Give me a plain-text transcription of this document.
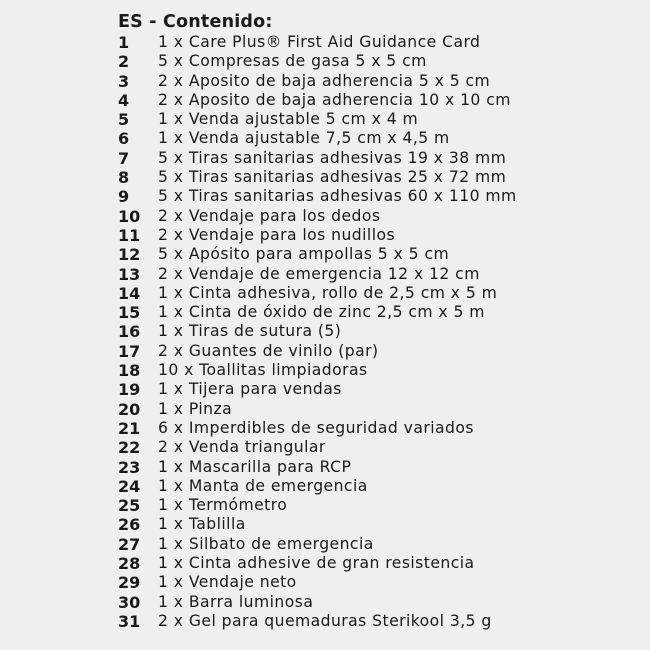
ES - Contenido:
1	1 x Care Plus® First Aid Guidance Card
2	5 x Compresas de gasa 5 x 5 cm
3	2 x Aposito de baja adherencia 5 x 5 cm
4	2 x Aposito de baja adherencia 10 x 10 cm
5	1 x Venda ajustable 5 cm x 4 m
6	1 x Venda ajustable 7,5 cm x 4,5 m
7	5 x Tiras sanitarias adhesivas 19 x 38 mm
8	5 x Tiras sanitarias adhesivas 25 x 72 mm
9	5 x Tiras sanitarias adhesivas 60 x 110 mm
10	2 x Vendaje para los dedos
11	2 x Vendaje para los nudillos
12	5 x Apósito para ampollas 5 x 5 cm
13	2 x Vendaje de emergencia 12 x 12 cm
14	1 x Cinta adhesiva, rollo de 2,5 cm x 5 m
15	1 x Cinta de óxido de zinc 2,5 cm x 5 m
16	1 x Tiras de sutura (5)
17	2 x Guantes de vinilo (par)
18	10 x Toallitas limpiadoras
19	1 x Tijera para vendas
20	1 x Pinza
21	6 x Imperdibles de seguridad variados
22	2 x Venda triangular
23	1 x Mascarilla para RCP
24	1 x Manta de emergencia
25	1 x Termómetro
26	1 x Tablilla
27	1 x Silbato de emergencia
28	1 x Cinta adhesive de gran resistencia
29	1 x Vendaje neto
30	1 x Barra luminosa
31	2 x Gel para quemaduras Sterikool 3,5 g
